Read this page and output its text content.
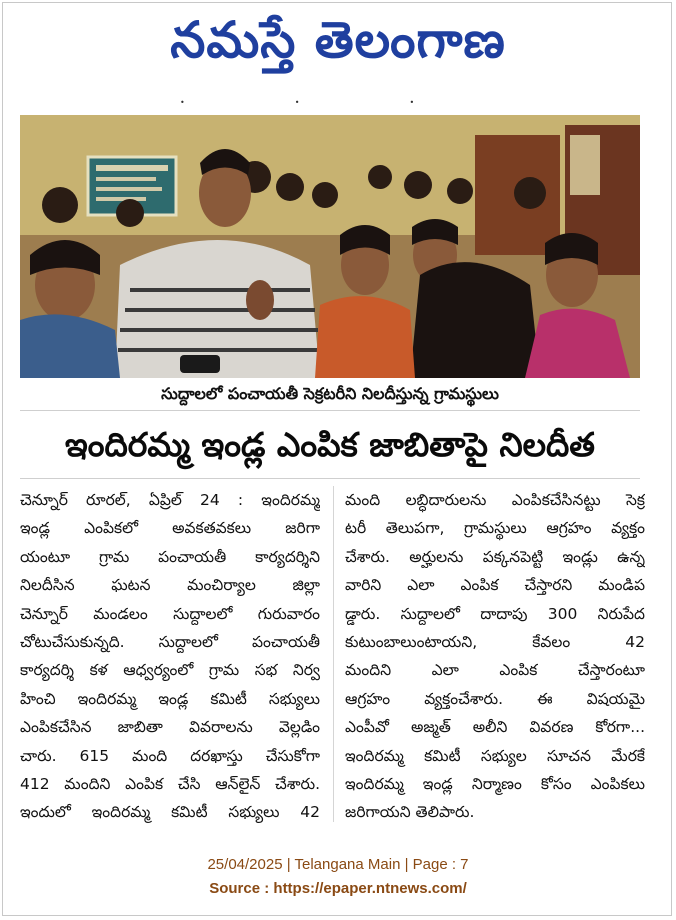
నమస్తే తెలంగాణ
•••
సుద్దాలలో పంచాయతీ సెక్రటరీని నిలదీస్తున్న గ్రామస్థులు
ఇందిరమ్మ ఇండ్ల ఎంపిక జాబితాపై నిలదీత
చెన్నూర్ రూరల్, ఏప్రిల్ 24 : ఇందిరమ్మ
ఇండ్ల ఎంపికలో అవకతవకలు జరిగా
యంటూ గ్రామ పంచాయతీ కార్యదర్శిని
నిలదీసిన ఘటన మంచిర్యాల జిల్లా
చెన్నూర్ మండలం సుద్దాలలో గురువారం
చోటుచేసుకున్నది. సుద్దాలలో పంచాయతీ
కార్యదర్శి కళ ఆధ్వర్యంలో గ్రామ సభ నిర్వ
హించి ఇందిరమ్మ ఇండ్ల కమిటీ సభ్యులు
ఎంపికచేసిన జాబితా వివరాలను వెల్లడిం
చారు. 615 మంది దరఖాస్తు చేసుకోగా
412 మందిని ఎంపిక చేసి ఆన్‌లైన్ చేశారు.
ఇందులో ఇందిరమ్మ కమిటీ సభ్యులు 42
మంది లబ్ధిదారులను ఎంపికచేసినట్టు సెక్ర
టరీ తెలుపగా, గ్రామస్థులు ఆగ్రహం వ్యక్తం
చేశారు. అర్హులను పక్కనపెట్టి ఇండ్లు ఉన్న
వారిని ఎలా ఎంపిక చేస్తారని మండిప
డ్డారు. సుద్దాలలో దాదాపు 300 నిరుపేద
కుటుంబాలుంటాయని, కేవలం 42
మందిని ఎలా ఎంపిక చేస్తారంటూ
ఆగ్రహం వ్యక్తంచేశారు. ఈ విషయమై
ఎంపీవో అజ్మత్ అలీని వివరణ కోరగా...
ఇందిరమ్మ కమిటీ సభ్యుల సూచన మేరకే
ఇందిరమ్మ ఇండ్ల నిర్మాణం కోసం ఎంపికలు
జరిగాయని తెలిపారు.
25/04/2025 | Telangana Main | Page : 7
Source : https://epaper.ntnews.com/
